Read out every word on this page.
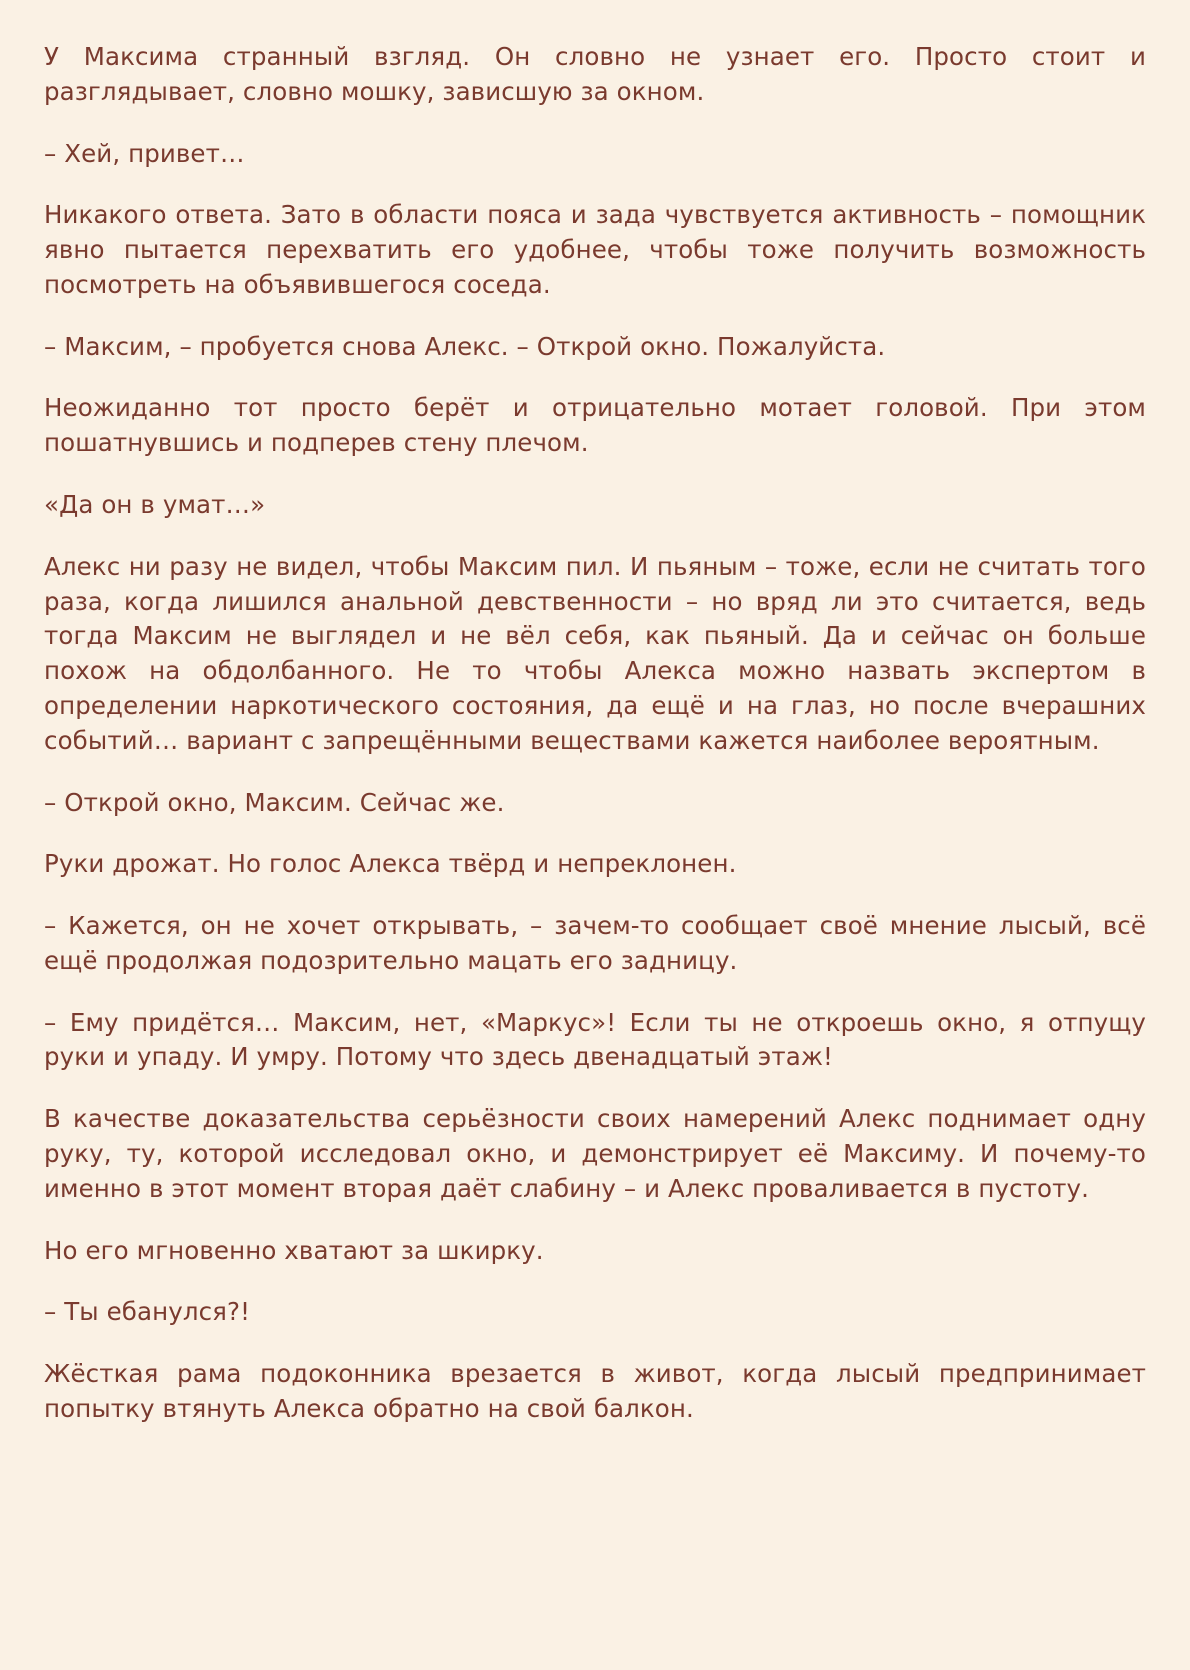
У Максима странный взгляд. Он словно не узнает его. Просто стоит и разглядывает, словно мошку, зависшую за окном.

– Хей, привет…

Никакого ответа. Зато в области пояса и зада чувствуется активность – помощник явно пытается перехватить его удобнее, чтобы тоже получить возможность посмотреть на объявившегося соседа.

– Максим, – пробуется снова Алекс. – Открой окно. Пожалуйста.

Неожиданно тот просто берёт и отрицательно мотает головой. При этом пошатнувшись и подперев стену плечом.

«Да он в умат…»

Алекс ни разу не видел, чтобы Максим пил. И пьяным – тоже, если не считать того раза, когда лишился анальной девственности – но вряд ли это считается, ведь тогда Максим не выглядел и не вёл себя, как пьяный. Да и сейчас он больше похож на обдолбанного. Не то чтобы Алекса можно назвать экспертом в определении наркотического состояния, да ещё и на глаз, но после вчерашних событий… вариант с запрещёнными веществами кажется наиболее вероятным.

– Открой окно, Максим. Сейчас же.

Руки дрожат. Но голос Алекса твёрд и непреклонен.

– Кажется, он не хочет открывать, – зачем-то сообщает своё мнение лысый, всё ещё продолжая подозрительно мацать его задницу.

– Ему придётся… Максим, нет, «Маркус»! Если ты не откроешь окно, я отпущу руки и упаду. И умру. Потому что здесь двенадцатый этаж!

В качестве доказательства серьёзности своих намерений Алекс поднимает одну руку, ту, которой исследовал окно, и демонстрирует её Максиму. И почему-то именно в этот момент вторая даёт слабину – и Алекс проваливается в пустоту.

Но его мгновенно хватают за шкирку.

– Ты ебанулся?!

Жёсткая рама подоконника врезается в живот, когда лысый предпринимает попытку втянуть Алекса обратно на свой балкон.
